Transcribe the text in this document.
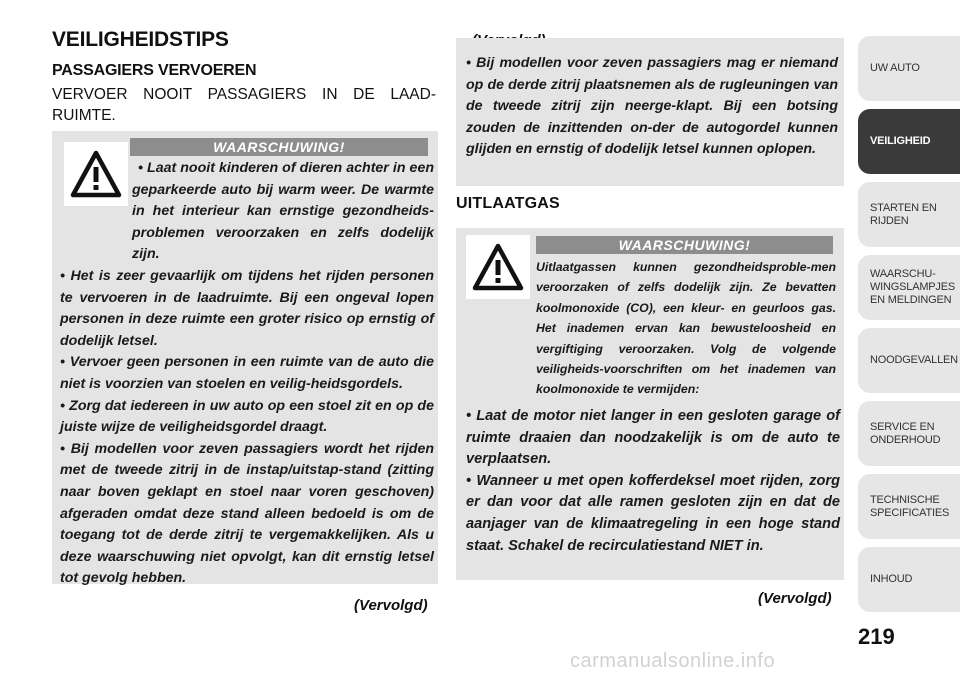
VEILIGHEIDSTIPS
PASSAGIERS VERVOEREN
VERVOER NOOIT PASSAGIERS IN DE LAAD-RUIMTE.
WAARSCHUWING!

• Laat nooit kinderen of dieren achter in een geparkeerde auto bij warm weer. De warmte in het interieur kan ernstige gezondheids-problemen veroorzaken en zelfs dodelijk zijn.

• Het is zeer gevaarlijk om tijdens het rijden personen te vervoeren in de laadruimte. Bij een ongeval lopen personen in deze ruimte een groter risico op ernstig of dodelijk letsel.

• Vervoer geen personen in een ruimte van de auto die niet is voorzien van stoelen en veilig-heidsgordels.

• Zorg dat iedereen in uw auto op een stoel zit en op de juiste wijze de veiligheidsgordel draagt.

• Bij modellen voor zeven passagiers wordt het rijden met de tweede zitrij in de instap/uitstap-stand (zitting naar boven geklapt en stoel naar voren geschoven) afgeraden omdat deze stand alleen bedoeld is om de toegang tot de derde zitrij te vergemakkelijken. Als u deze waarschuwing niet opvolgt, kan dit ernstig letsel tot gevolg hebben.

(Vervolgd)

• Bij modellen voor zeven passagiers mag er niemand op de derde zitrij plaatsnemen als de rugleuningen van de tweede zitrij zijn neerge-klapt. Bij een botsing zouden de inzittenden on-der de autogordel kunnen glijden en ernstig of dodelijk letsel kunnen oplopen.

UITLAATGAS
WAARSCHUWING!

Uitlaatgassen kunnen gezondheidsproble-men veroorzaken of zelfs dodelijk zijn. Ze bevatten koolmonoxide (CO), een kleur- en geurloos gas. Het inademen ervan kan bewusteloosheid en vergiftiging veroorzaken. Volg de volgende veiligheids-voorschriften om het inademen van koolmonoxide te vermijden:

• Laat de motor niet langer in een gesloten garage of ruimte draaien dan noodzakelijk is om de auto te verplaatsen.

• Wanneer u met open kofferdeksel moet rijden, zorg er dan voor dat alle ramen gesloten zijn en dat de aanjager van de klimaatregeling in een hoge stand staat. Schakel de recirculatiestand NIET in.

(Vervolgd)
UW AUTO
VEILIGHEID
STARTEN EN
RIJDEN
WAARSCHU-
WINGSLAMPJES
EN MELDINGEN
NOODGEVALLEN
SERVICE EN
ONDERHOUD
TECHNISCHE
SPECIFICATIES
INHOUD
219
carmanualsonline.info
